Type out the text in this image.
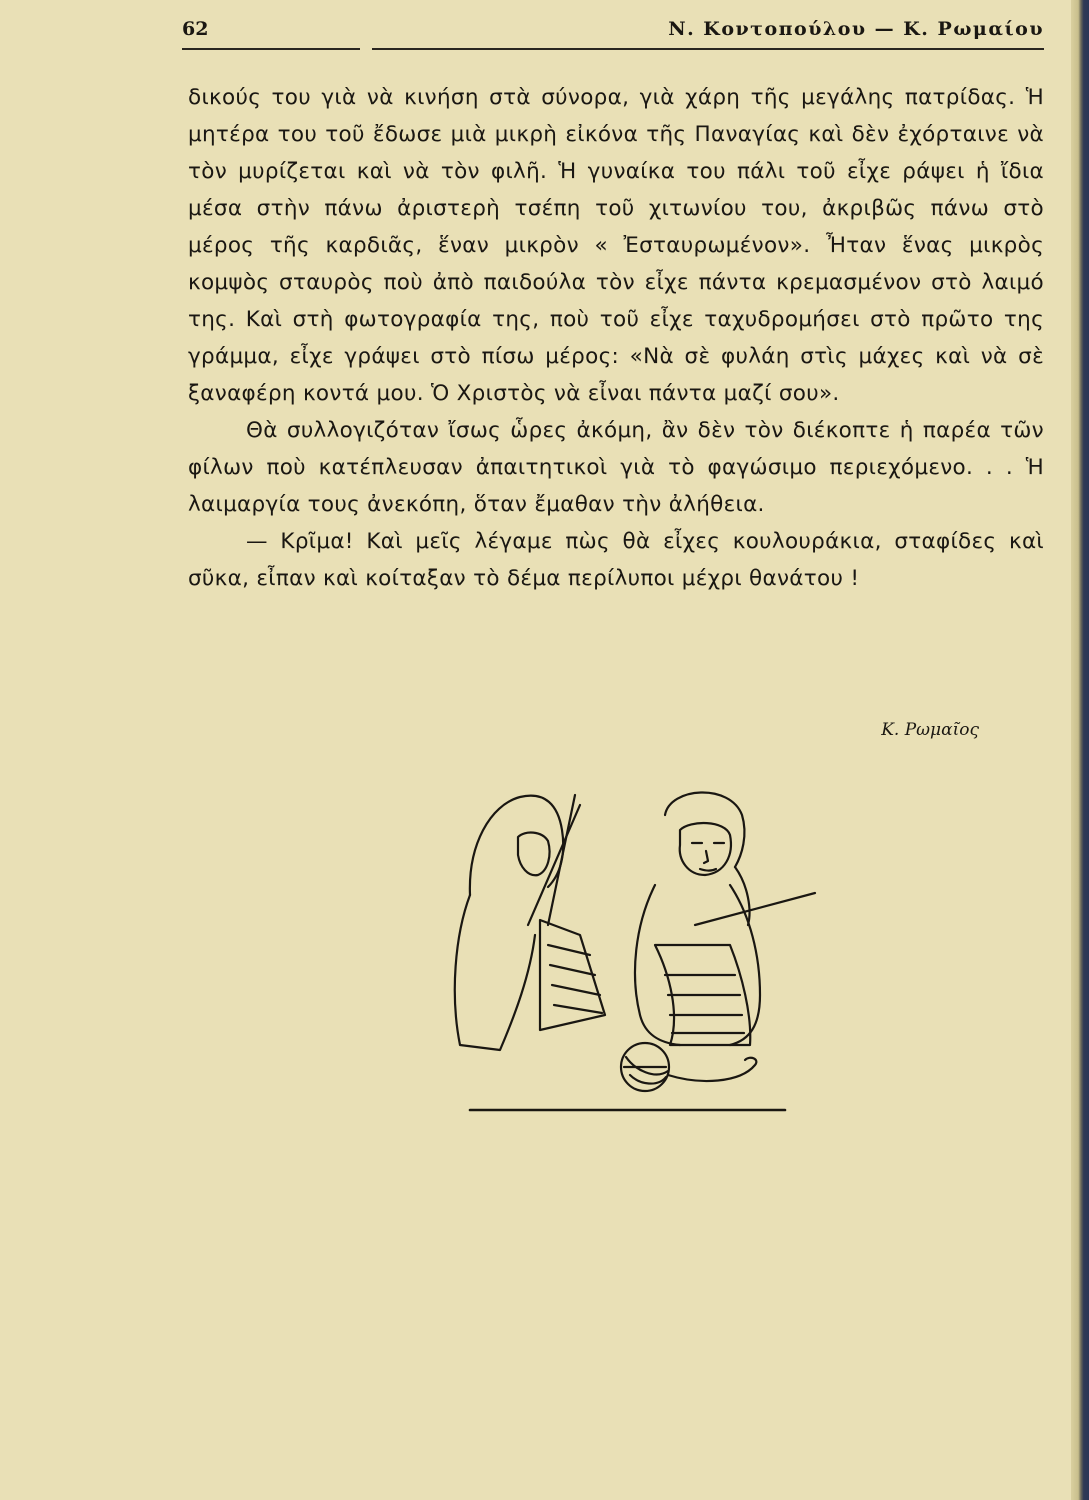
62	Ν. Κοντοπούλου — Κ. Ρωμαίου

δικούς του γιὰ νὰ κινήση στὰ σύνορα, γιὰ χάρη τῆς μεγάλης πατρίδας. Ἡ μητέρα του τοῦ ἔδωσε μιὰ μικρὴ εἰκόνα τῆς Παναγίας καὶ δὲν ἐχόρταινε νὰ τὸν μυρίζεται καὶ νὰ τὸν φιλῆ. Ἡ γυναίκα του πάλι τοῦ εἶχε ράψει ἡ ἴδια μέσα στὴν πάνω ἀριστερὴ τσέπη τοῦ χιτωνίου του, ἀκριβῶς πάνω στὸ μέρος τῆς καρδιᾶς, ἕναν μικρὸν « Ἐσταυρωμένον». Ἦταν ἕνας μικρὸς κομψὸς σταυρὸς ποὺ ἀπὸ παιδούλα τὸν εἶχε πάντα κρεμασμένον στὸ λαιμό της. Καὶ στὴ φωτογραφία της, ποὺ τοῦ εἶχε ταχυδρομήσει στὸ πρῶτο της γράμμα, εἶχε γράψει στὸ πίσω μέρος: «Νὰ σὲ φυλάη στὶς μάχες καὶ νὰ σὲ ξαναφέρη κοντά μου. Ὁ Χριστὸς νὰ εἶναι πάντα μαζί σου».

Θὰ συλλογιζόταν ἴσως ὧρες ἀκόμη, ἂν δὲν τὸν διέκοπτε ἡ παρέα τῶν φίλων ποὺ κατέπλευσαν ἀπαιτητικοὶ γιὰ τὸ φαγώσιμο περιεχόμενο. . . Ἡ λαιμαργία τους ἀνεκόπη, ὅταν ἔμαθαν τὴν ἀλήθεια.

— Κρῖμα! Καὶ μεῖς λέγαμε πὼς θὰ εἶχες κουλουράκια, σταφίδες καὶ σῦκα, εἶπαν καὶ κοίταξαν τὸ δέμα περίλυποι μέχρι θανάτου !

Κ. Ρωμαῖος
